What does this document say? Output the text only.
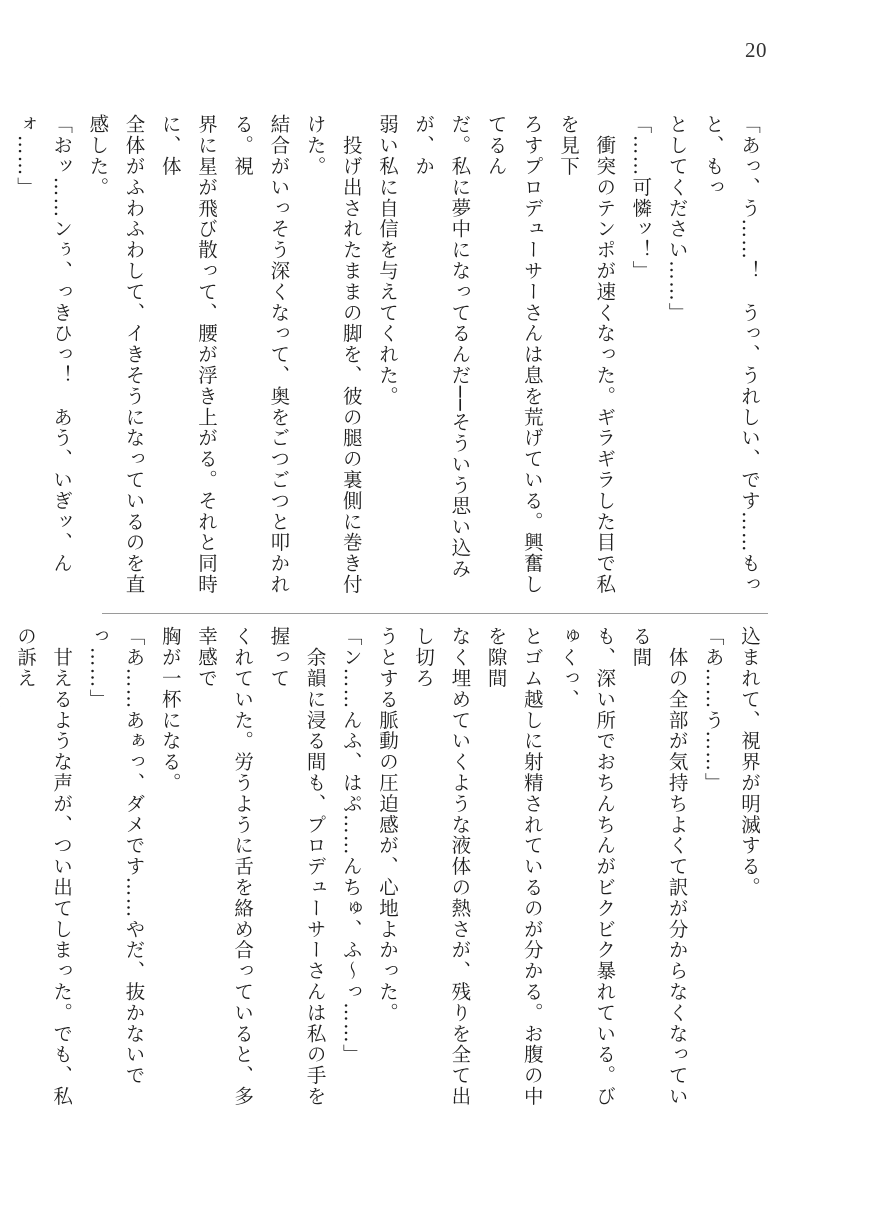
20
「あっ、う……！　うっ、うれしい、です……もっと、もっ
としてください……」
「……可憐ッ！」
　衝突のテンポが速くなった。ギラギラした目で私を見下
ろすプロデューサーさんは息を荒げている。興奮してるん
だ。私に夢中になってるんだ──そういう思い込みが、か
弱い私に自信を与えてくれた。
　投げ出されたままの脚を、彼の腿の裏側に巻き付けた。
結合がいっそう深くなって、奥をごつごつと叩かれる。視
界に星が飛び散って、腰が浮き上がる。それと同時に、体
全体がふわふわして、イきそうになっているのを直感した。
「おッ……ンぅ、っきひっ！　あう、いぎッ、んォ……」
込まれて、視界が明滅する。
「あ……う……」
　体の全部が気持ちよくて訳が分からなくなっている間
も、深い所でおちんちんがビクビク暴れている。びゅくっ、
とゴム越しに射精されているのが分かる。お腹の中を隙間
なく埋めていくような液体の熱さが、残りを全て出し切ろ
うとする脈動の圧迫感が、心地よかった。
「ン……んふ、はぷ……んちゅ、ふ〜っ……」
　余韻に浸る間も、プロデューサーさんは私の手を握って
くれていた。労うように舌を絡め合っていると、多幸感で
胸が一杯になる。
「あ……あぁっ、ダメです……やだ、抜かないでっ……」
　甘えるような声が、つい出てしまった。でも、私の訴え
